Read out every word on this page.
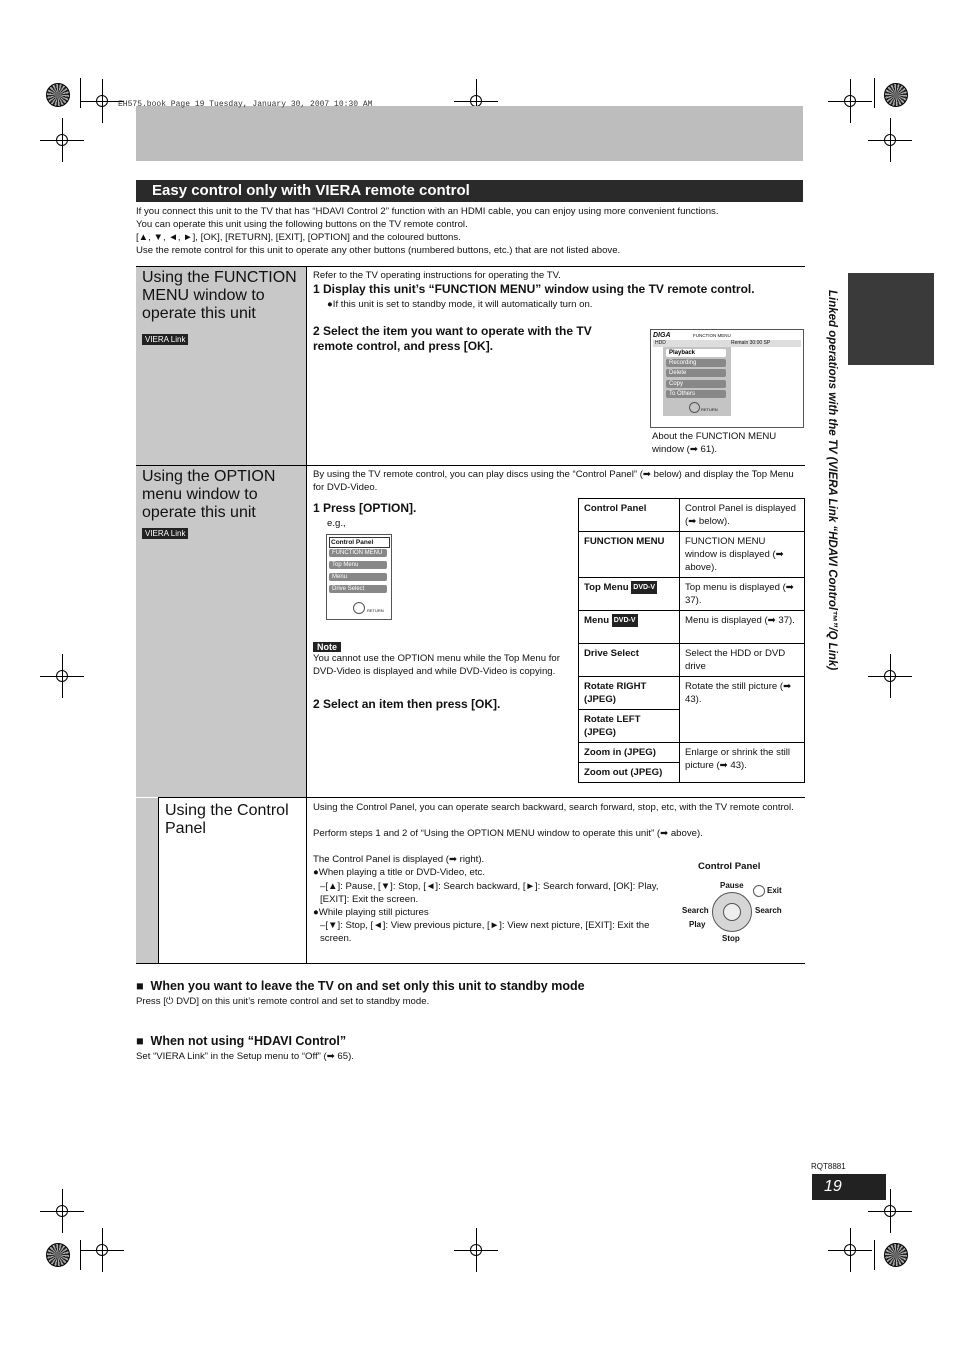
EH575.book Page 19 Tuesday, January 30, 2007 10:30 AM
Easy control only with VIERA remote control
If you connect this unit to the TV that has “HDAVI Control 2” function with an HDMI cable, you can enjoy using more convenient functions.
You can operate this unit using the following buttons on the TV remote control.
[▲, ▼, ◄, ►], [OK], [RETURN], [EXIT], [OPTION] and the coloured buttons.
Use the remote control for this unit to operate any other buttons (numbered buttons, etc.) that are not listed above.
Using the FUNCTION MENU window to operate this unit
VIERA Link
Refer to the TV operating instructions for operating the TV.
1 Display this unit’s “FUNCTION MENU” window using the TV remote control.
●If this unit is set to standby mode, it will automatically turn on.
2 Select the item you want to operate with the TV remote control, and press [OK].
DIGA	FUNCTION MENU
HDD	Remain 30:00 SP
Playback
Recording
Delete
Copy
To Others
RETURN
About the FUNCTION MENU window (➡ 61).
Using the OPTION menu window to operate this unit
VIERA Link
By using the TV remote control, you can play discs using the “Control Panel” (➡ below) and display the Top Menu for DVD-Video.
1 Press [OPTION].
e.g.,
Control Panel
FUNCTION MENU
Top Menu
Menu
Drive Select
RETURN
Note
You cannot use the OPTION menu while the Top Menu for DVD-Video is displayed and while DVD-Video is copying.
2 Select an item then press [OK].
Control Panel	Control Panel is displayed (➡ below).
FUNCTION MENU	FUNCTION MENU window is displayed (➡ above).
Top Menu DVD-V	Top menu is displayed (➡ 37).
Menu DVD-V	Menu is displayed (➡ 37).
Drive Select	Select the HDD or DVD drive
Rotate RIGHT (JPEG)	Rotate the still picture (➡ 43).
Rotate LEFT (JPEG)	
Zoom in (JPEG)	Enlarge or shrink the still picture (➡ 43).
Zoom out (JPEG)	
Using the Control Panel
Using the Control Panel, you can operate search backward, search forward, stop, etc, with the TV remote control.
Perform steps 1 and 2 of “Using the OPTION MENU window to operate this unit” (➡ above).
The Control Panel is displayed (➡ right).
●When playing a title or DVD-Video, etc.
–[▲]: Pause, [▼]: Stop, [◄]: Search backward, [►]: Search forward, [OK]: Play, [EXIT]: Exit the screen.
●While playing still pictures
–[▼]: Stop, [◄]: View previous picture, [►]: View next picture, [EXIT]: Exit the screen.
Control Panel
Pause
Exit
Search	Search
Play
Stop
■ When you want to leave the TV on and set only this unit to standby mode
Press [⏻ DVD] on this unit’s remote control and set to standby mode.
■ When not using “HDAVI Control”
Set “VIERA Link” in the Setup menu to “Off” (➡ 65).
Linked operations with the TV (VIERA Link “HDAVI Control™”/Q Link)
RQT8881
19
